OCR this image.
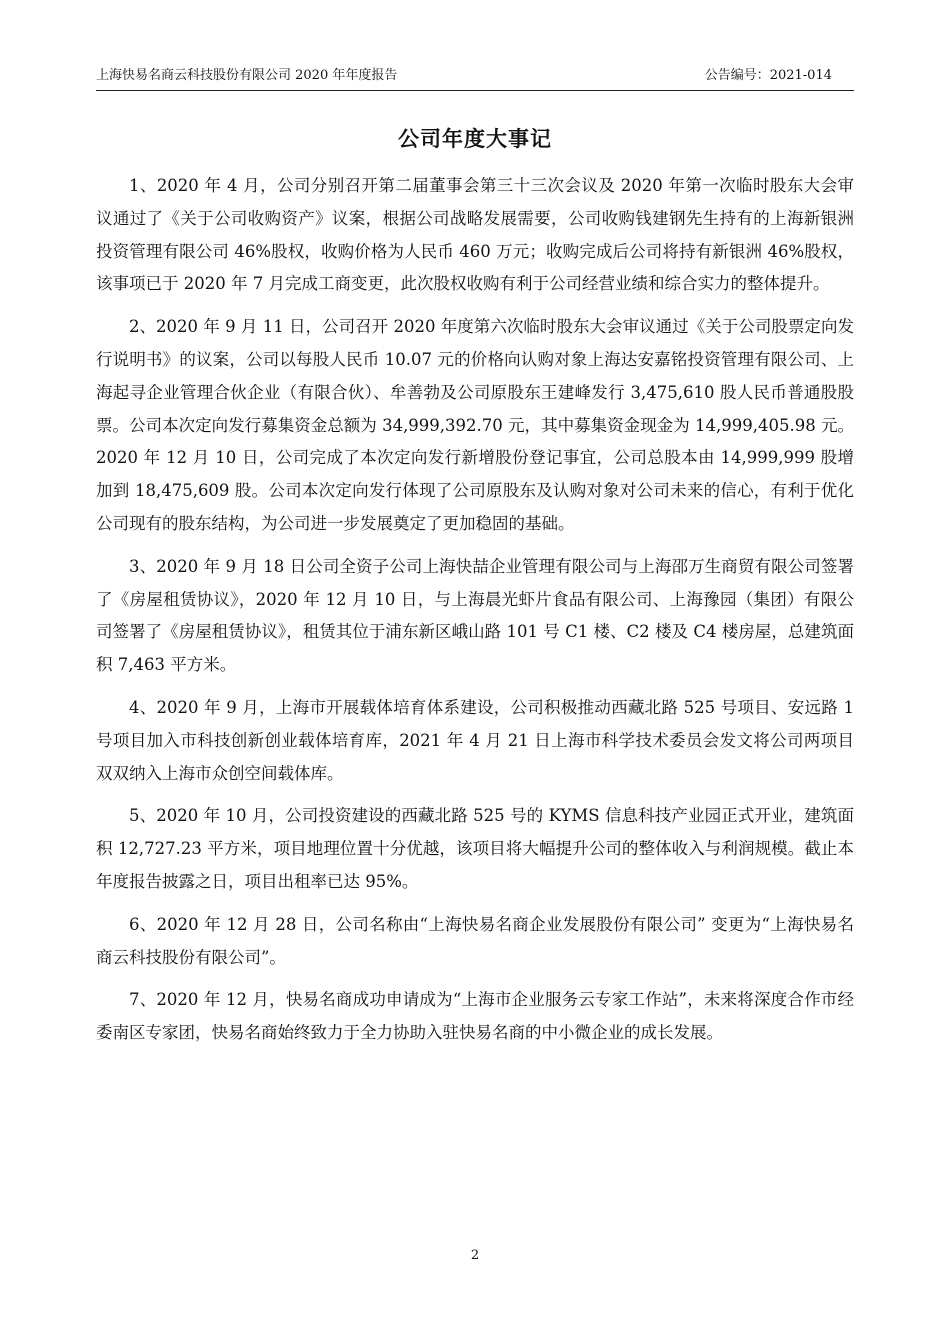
上海快易名商云科技股份有限公司 2020 年年度报告	公告编号：2021-014
公司年度大事记

1、2020 年 4 月，公司分别召开第二届董事会第三十三次会议及 2020 年第一次临时股东大会审议通过了《关于公司收购资产》议案，根据公司战略发展需要，公司收购钱建钢先生持有的上海新银洲投资管理有限公司 46%股权，收购价格为人民币 460 万元；收购完成后公司将持有新银洲 46%股权，该事项已于 2020 年 7 月完成工商变更，此次股权收购有利于公司经营业绩和综合实力的整体提升。

2、2020 年 9 月 11 日，公司召开 2020 年度第六次临时股东大会审议通过《关于公司股票定向发行说明书》的议案，公司以每股人民币 10.07 元的价格向认购对象上海达安嘉铭投资管理有限公司、上海起寻企业管理合伙企业（有限合伙）、牟善勃及公司原股东王建峰发行 3,475,610 股人民币普通股股票。公司本次定向发行募集资金总额为 34,999,392.70 元，其中募集资金现金为 14,999,405.98 元。2020 年 12 月 10 日，公司完成了本次定向发行新增股份登记事宜，公司总股本由 14,999,999 股增加到 18,475,609 股。公司本次定向发行体现了公司原股东及认购对象对公司未来的信心，有利于优化公司现有的股东结构，为公司进一步发展奠定了更加稳固的基础。

3、2020 年 9 月 18 日公司全资子公司上海快喆企业管理有限公司与上海邵万生商贸有限公司签署了《房屋租赁协议》，2020 年 12 月 10 日，与上海晨光虾片食品有限公司、上海豫园（集团）有限公司签署了《房屋租赁协议》，租赁其位于浦东新区峨山路 101 号 C1 楼、C2 楼及 C4 楼房屋，总建筑面积 7,463 平方米。

4、2020 年 9 月，上海市开展载体培育体系建设，公司积极推动西藏北路 525 号项目、安远路 1 号项目加入市科技创新创业载体培育库，2021 年 4 月 21 日上海市科学技术委员会发文将公司两项目双双纳入上海市众创空间载体库。

5、2020 年 10 月，公司投资建设的西藏北路 525 号的 KYMS 信息科技产业园正式开业，建筑面积 12,727.23 平方米，项目地理位置十分优越，该项目将大幅提升公司的整体收入与利润规模。截止本年度报告披露之日，项目出租率已达 95%。

6、2020 年 12 月 28 日，公司名称由“上海快易名商企业发展股份有限公司” 变更为“上海快易名商云科技股份有限公司”。

7、2020 年 12 月，快易名商成功申请成为“上海市企业服务云专家工作站”，未来将深度合作市经委南区专家团，快易名商始终致力于全力协助入驻快易名商的中小微企业的成长发展。

2
